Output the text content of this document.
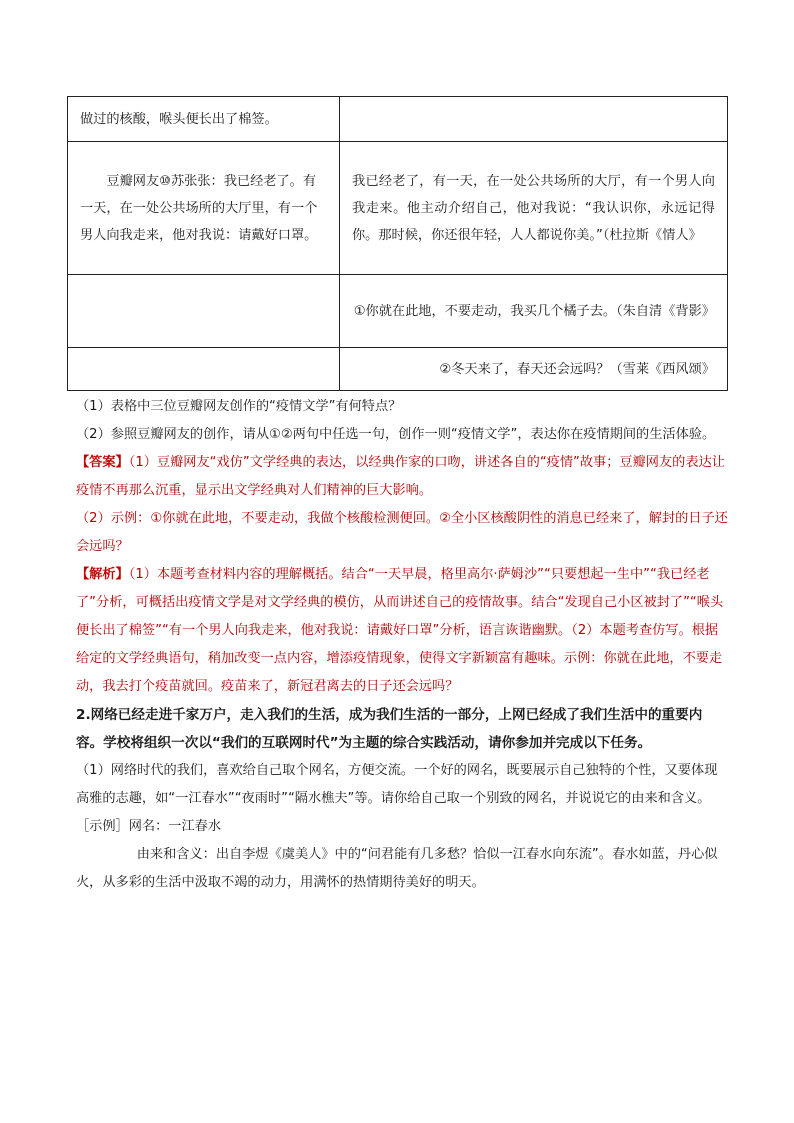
做过的核酸，喉头便长出了棉签。	
豆瓣网友⑩苏张张：我已经老了。有一天，在一处公共场所的大厅里，有一个男人向我走来，他对我说：请戴好口罩。	我已经老了，有一天，在一处公共场所的大厅，有一个男人向我走来。他主动介绍自己，他对我说：“我认识你，永远记得你。那时候，你还很年轻，人人都说你美。”（杜拉斯《情人》
	①你就在此地，不要走动，我买几个橘子去。（朱自清《背影》
	②冬天来了，春天还会远吗？（雪莱《西风颂》

（1）表格中三位豆瓣网友创作的“疫情文学”有何特点？

（2）参照豆瓣网友的创作，请从①②两句中任选一句，创作一则“疫情文学”，表达你在疫情期间的生活体验。

【答案】（1）豆瓣网友“戏仿”文学经典的表达，以经典作家的口吻，讲述各自的“疫情”故事；豆瓣网友的表达让疫情不再那么沉重，显示出文学经典对人们精神的巨大影响。

（2）示例：①你就在此地，不要走动，我做个核酸检测便回。②全小区核酸阴性的消息已经来了，解封的日子还会远吗？

【解析】（1）本题考查材料内容的理解概括。结合“一天早晨，格里高尔·萨姆沙”“只要想起一生中”“我已经老了”分析，可概括出疫情文学是对文学经典的模仿，从而讲述自己的疫情故事。结合“发现自己小区被封了”“喉头便长出了棉签”“有一个男人向我走来，他对我说：请戴好口罩”分析，语言诙谐幽默。（2）本题考查仿写。根据给定的文学经典语句，稍加改变一点内容，增添疫情现象，使得文字新颖富有趣味。示例：你就在此地，不要走动，我去打个疫苗就回。疫苗来了，新冠君离去的日子还会远吗？

2.网络已经走进千家万户，走入我们的生活，成为我们生活的一部分，上网已经成了我们生活中的重要内容。学校将组织一次以“我们的互联网时代”为主题的综合实践活动，请你参加并完成以下任务。

（1）网络时代的我们，喜欢给自己取个网名，方便交流。一个好的网名，既要展示自己独特的个性，又要体现高雅的志趣，如“一江春水”“夜雨时”“隔水樵夫”等。请你给自己取一个别致的网名，并说说它的由来和含义。

［示例］网名：一江春水

由来和含义：出自李煜《虞美人》中的“问君能有几多愁？恰似一江春水向东流”。春水如蓝，丹心似火，从多彩的生活中汲取不竭的动力，用满怀的热情期待美好的明天。
